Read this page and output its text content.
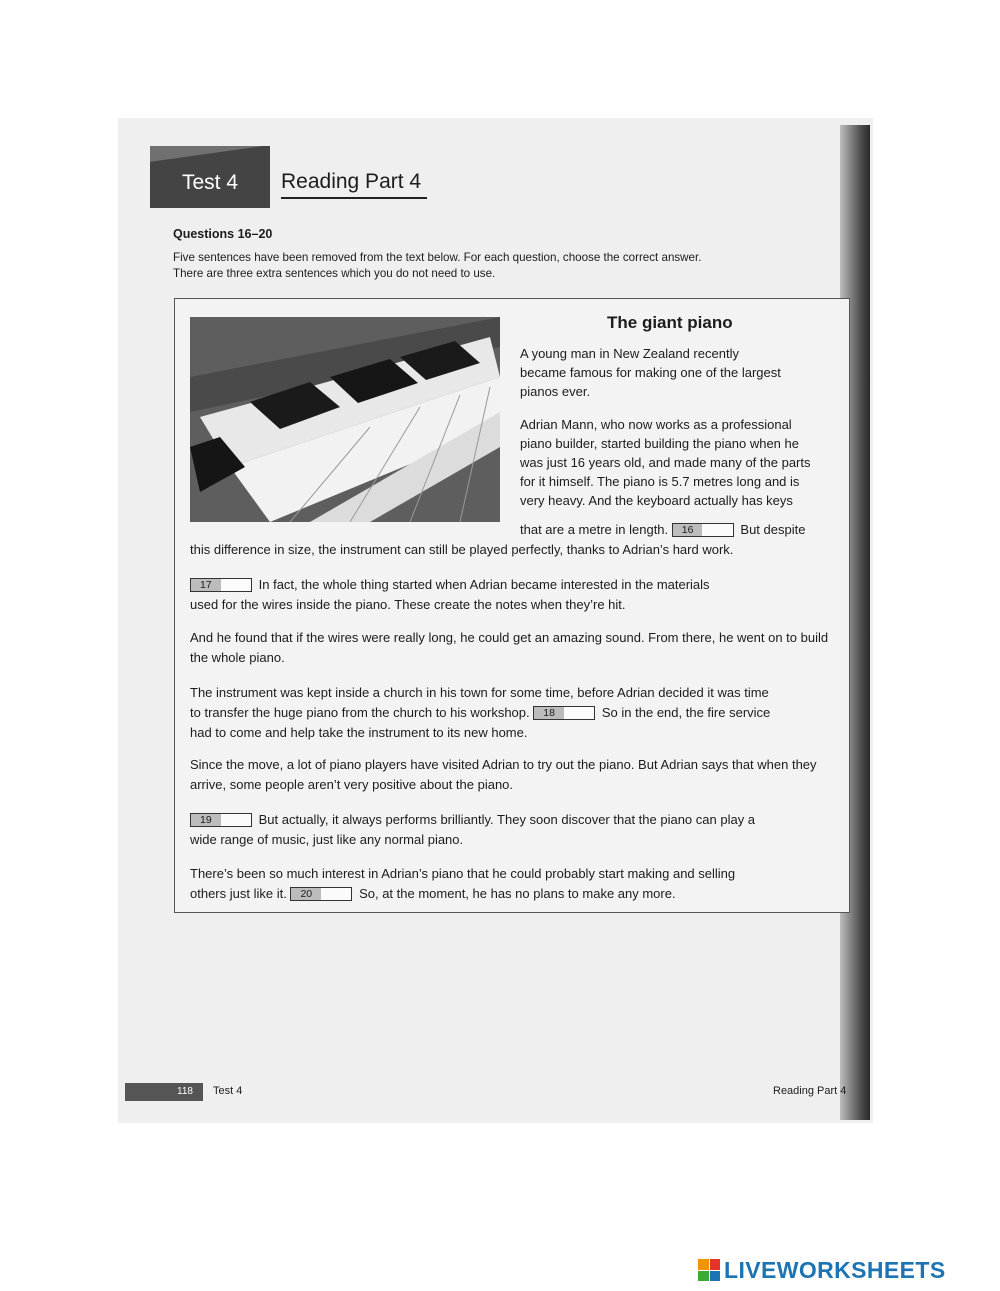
Test 4 Reading Part 4
Questions 16–20
Five sentences have been removed from the text below. For each question, choose the correct answer.
There are three extra sentences which you do not need to use.
The giant piano
A young man in New Zealand recently
became famous for making one of the largest
pianos ever.
Adrian Mann, who now works as a professional
piano builder, started building the piano when he
was just 16 years old, and made many of the parts
for it himself. The piano is 5.7 metres long and is
very heavy. And the keyboard actually has keys
that are a metre in length.	16	But despite
this difference in size, the instrument can still be played perfectly, thanks to Adrian’s hard work.
17	In fact, the whole thing started when Adrian became interested in the materials
used for the wires inside the piano. These create the notes when they’re hit.
And he found that if the wires were really long, he could get an amazing sound. From there, he went on to build the whole piano.
The instrument was kept inside a church in his town for some time, before Adrian decided it was time
to transfer the huge piano from the church to his workshop.	18	So in the end, the fire service
had to come and help take the instrument to its new home.
Since the move, a lot of piano players have visited Adrian to try out the piano. But Adrian says that when they arrive, some people aren’t very positive about the piano.
19	But actually, it always performs brilliantly. They soon discover that the piano can play a
wide range of music, just like any normal piano.
There’s been so much interest in Adrian’s piano that he could probably start making and selling
others just like it.	20	So, at the moment, he has no plans to make any more.
118	Test 4	Reading Part 4
LIVEWORKSHEETS
